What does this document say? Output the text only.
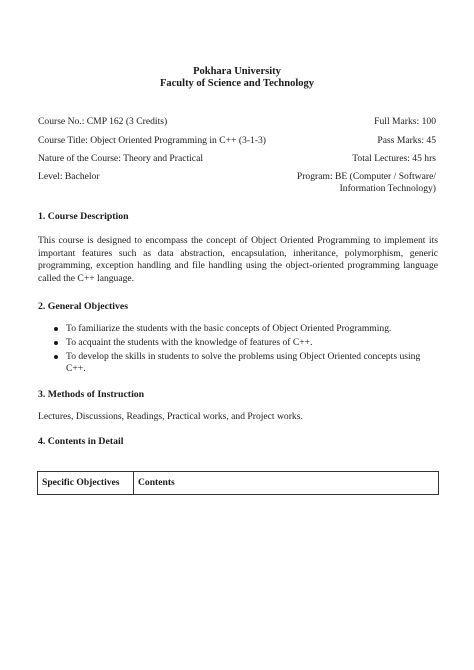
Pokhara University
Faculty of Science and Technology
Course No.: CMP 162 (3 Credits)	Full Marks: 100
Course Title: Object Oriented Programming in C++ (3-1-3)	Pass Marks: 45
Nature of the Course: Theory and Practical	Total Lectures: 45 hrs
Level: Bachelor	Program: BE (Computer / Software/
Information Technology)
1. Course Description
This course is designed to encompass the concept of Object Oriented Programming to implement its important features such as data abstraction, encapsulation, inheritance, polymorphism, generic programming, exception handling and file handling using the object-oriented programming language called the C++ language.
2. General Objectives
To familiarize the students with the basic concepts of Object Oriented Programming.
To acquaint the students with the knowledge of features of C++.
To develop the skills in students to solve the problems using Object Oriented concepts using C++.
3. Methods of Instruction
Lectures, Discussions, Readings, Practical works, and Project works.
4. Contents in Detail
Specific Objectives	Contents
